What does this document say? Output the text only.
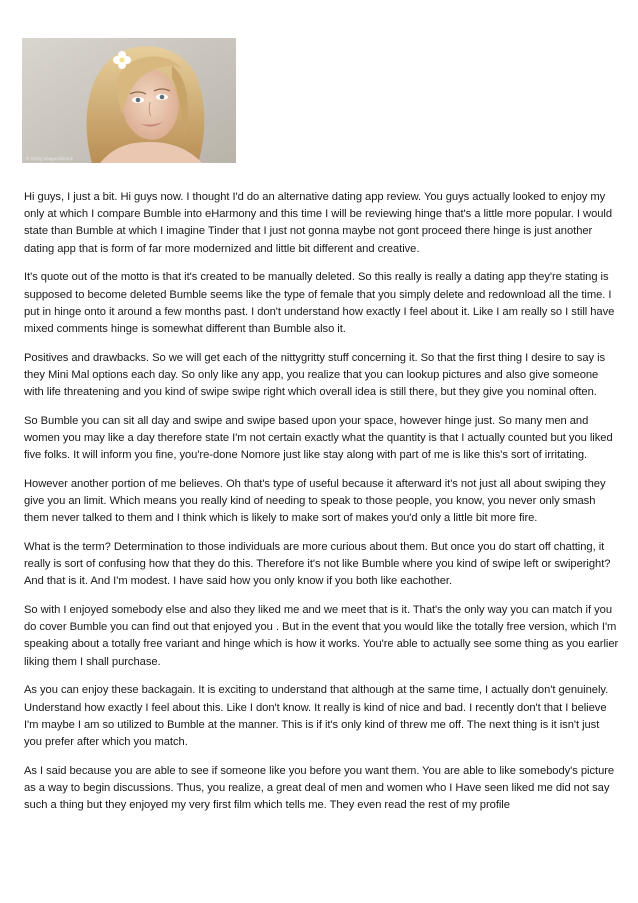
© Getty Images/iStock

Hi guys, I just a bit. Hi guys now. I thought I'd do an alternative dating app review. You guys actually looked to enjoy my only at which I compare Bumble into eHarmony and this time I will be reviewing hinge that's a little more popular. I would state than Bumble at which I imagine Tinder that I just not gonna maybe not gont proceed there hinge is just another dating app that is form of far more modernized and little bit different and creative.

It's quote out of the motto is that it's created to be manually deleted. So this really is really a dating app they're stating is supposed to become deleted Bumble seems like the type of female that you simply delete and redownload all the time. I put in hinge onto it around a few months past. I don't understand how exactly I feel about it. Like I am really so I still have mixed comments hinge is somewhat different than Bumble also it.

Positives and drawbacks. So we will get each of the nittygritty stuff concerning it. So that the first thing I desire to say is they Mini Mal options each day. So only like any app, you realize that you can lookup pictures and also give someone with life threatening and you kind of swipe swipe right which overall idea is still there, but they give you nominal often.

So Bumble you can sit all day and swipe and swipe based upon your space, however hinge just. So many men and women you may like a day therefore state I'm not certain exactly what the quantity is that I actually counted but you liked five folks. It will inform you fine, you're-done Nomore just like stay along with part of me is like this's sort of irritating.

However another portion of me believes. Oh that's type of useful because it afterward it's not just all about swiping they give you an limit. Which means you really kind of needing to speak to those people, you know, you never only smash them never talked to them and I think which is likely to make sort of makes you'd only a little bit more fire.

What is the term? Determination to those individuals are more curious about them. But once you do start off chatting, it really is sort of confusing how that they do this. Therefore it's not like Bumble where you kind of swipe left or swiperight? And that is it. And I'm modest. I have said how you only know if you both like eachother.

So with I enjoyed somebody else and also they liked me and we meet that is it. That's the only way you can match if you do cover Bumble you can find out that enjoyed you . But in the event that you would like the totally free version, which I'm speaking about a totally free variant and hinge which is how it works. You're able to actually see some thing as you earlier liking them I shall purchase.

As you can enjoy these backagain. It is exciting to understand that although at the same time, I actually don't genuinely. Understand how exactly I feel about this. Like I don't know. It really is kind of nice and bad. I recently don't that I believe I'm maybe I am so utilized to Bumble at the manner. This is if it's only kind of threw me off. The next thing is it isn't just you prefer after which you match.

As I said because you are able to see if someone like you before you want them. You are able to like somebody's picture as a way to begin discussions. Thus, you realize, a great deal of men and women who I Have seen liked me did not say such a thing but they enjoyed my very first film which tells me. They even read the rest of my profile
